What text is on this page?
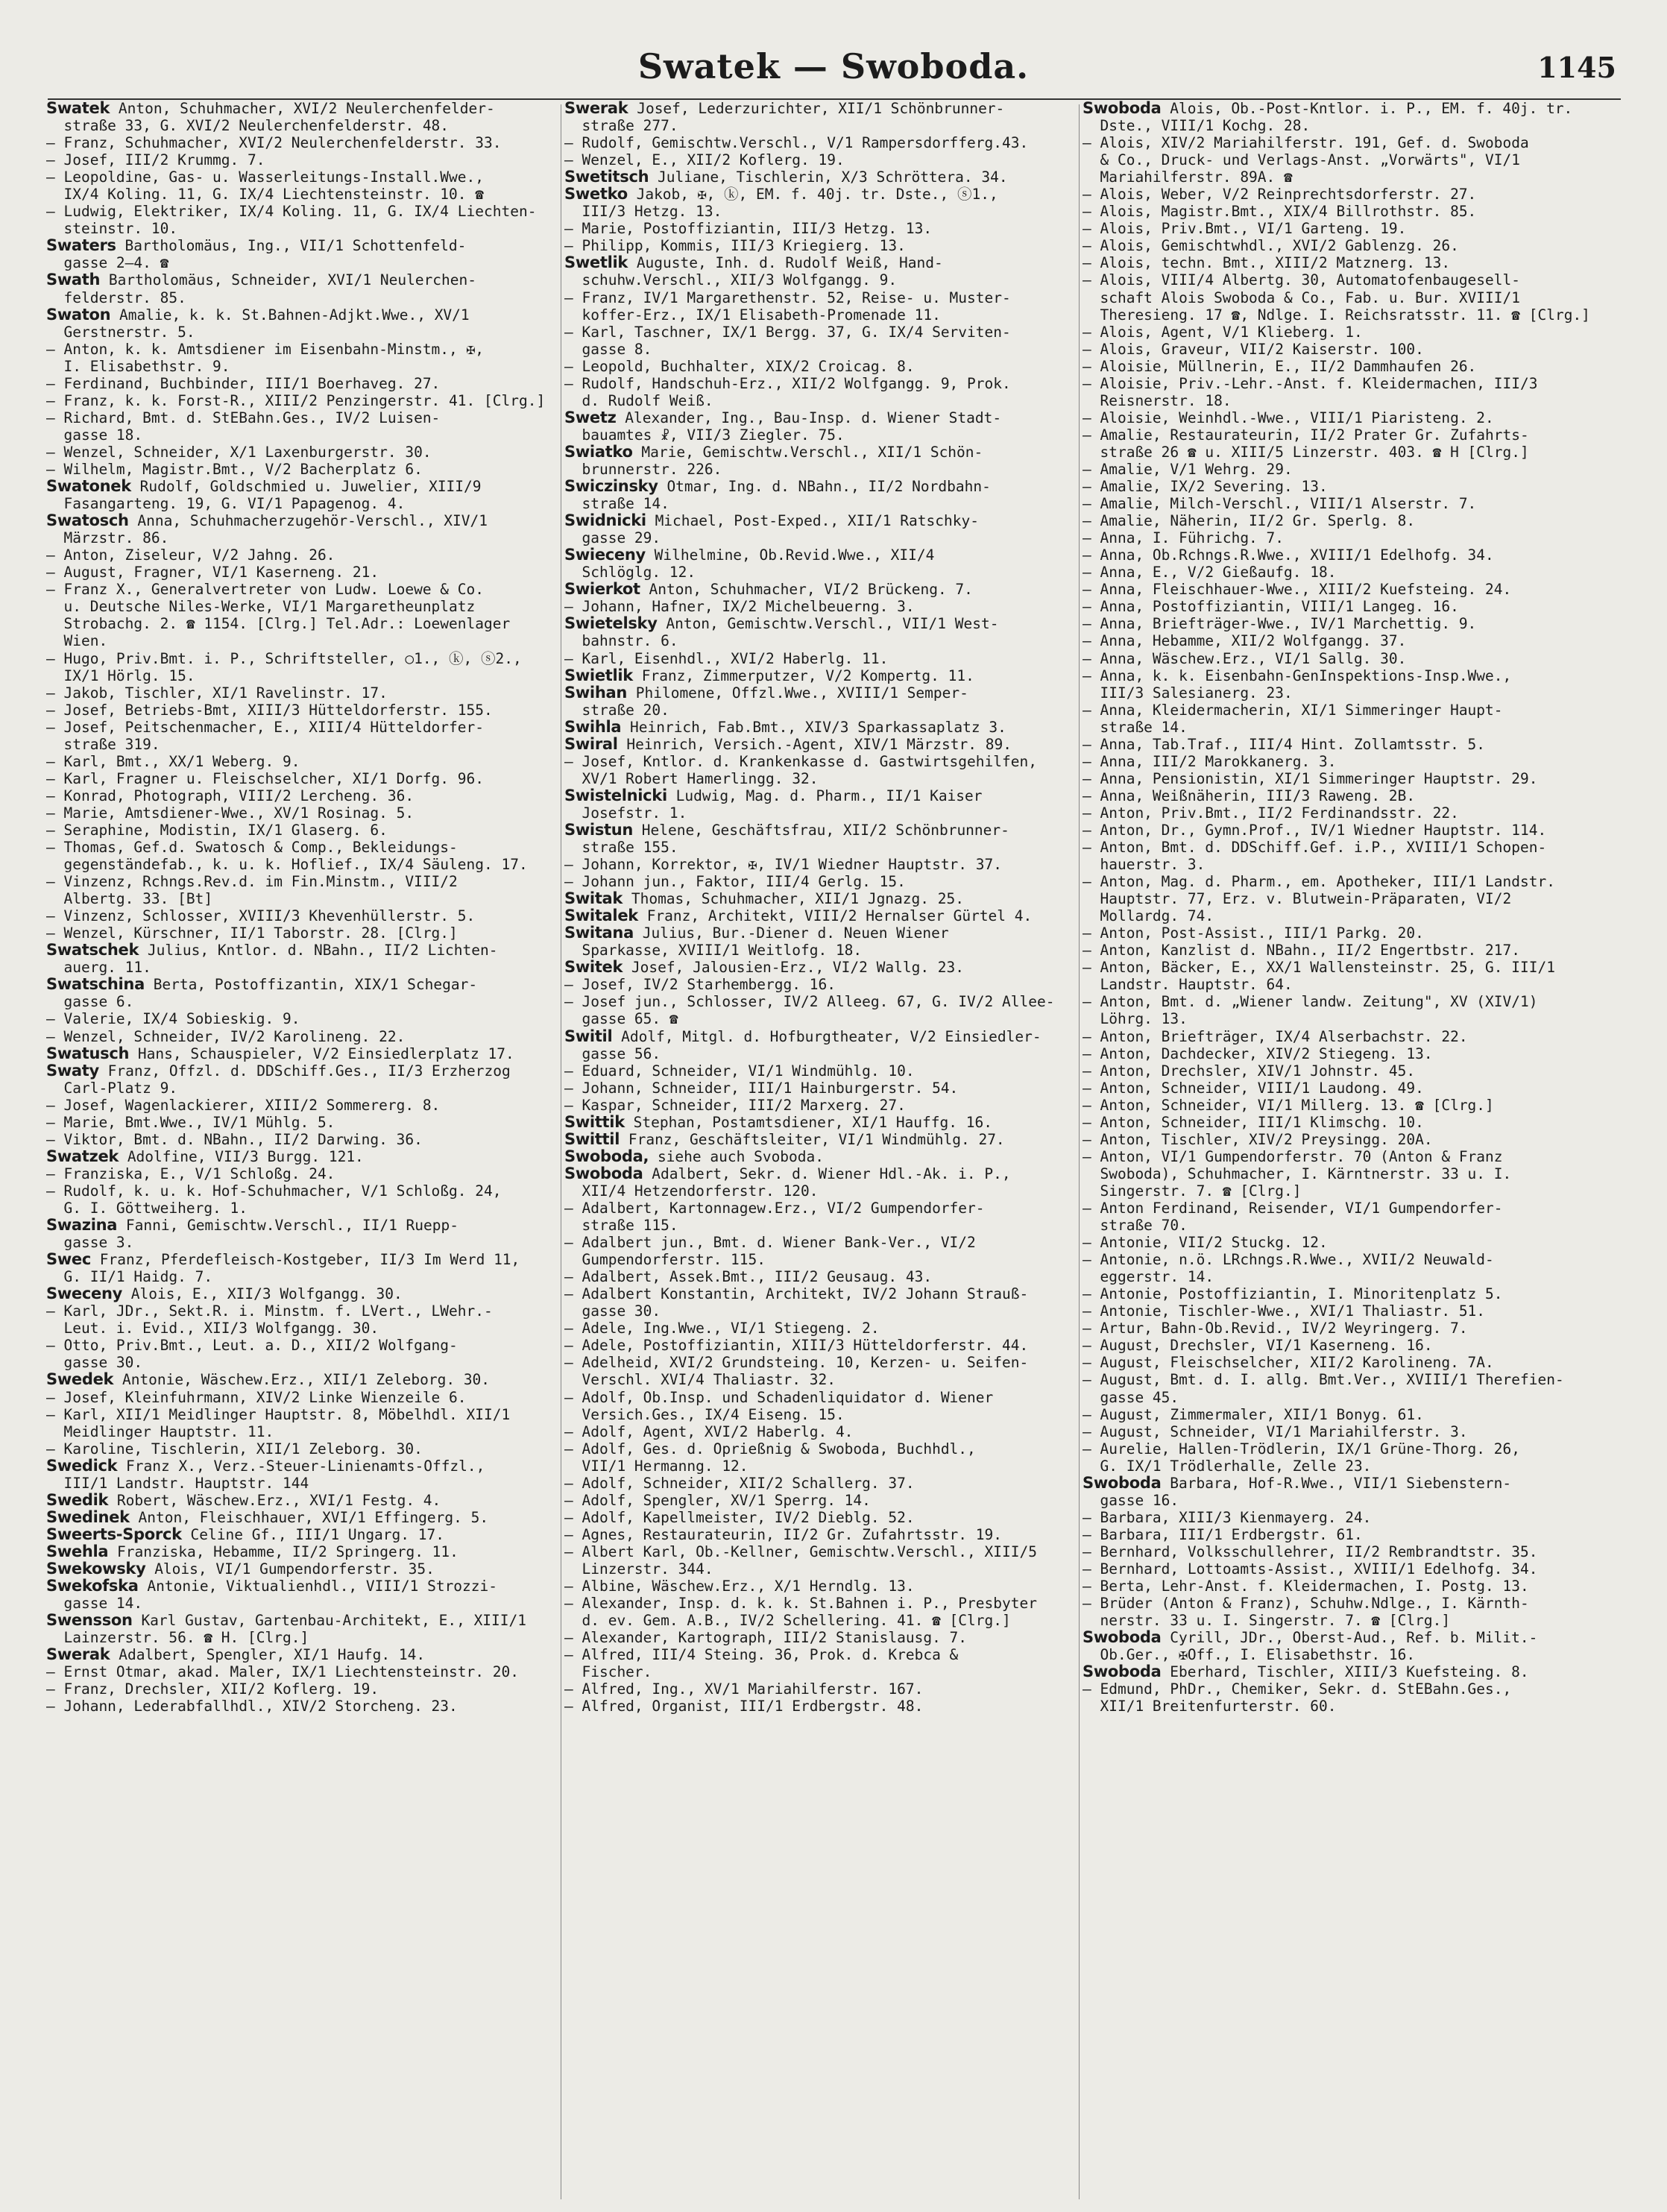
Swatek — Swoboda.	1145
Swatek Anton, Schuhmacher, XVI/2 Neulerchenfelder-
straße 33, G. XVI/2 Neulerchenfelderstr. 48.
— Franz, Schuhmacher, XVI/2 Neulerchenfelderstr. 33.
— Josef, III/2 Krummg. 7.
— Leopoldine, Gas- u. Wasserleitungs-Install.Wwe.,
IX/4 Koling. 11, G. IX/4 Liechtensteinstr. 10. ☎
— Ludwig, Elektriker, IX/4 Koling. 11, G. IX/4 Liechten-
steinstr. 10.
Swaters Bartholomäus, Ing., VII/1 Schottenfeld-
gasse 2—4. ☎
Swath Bartholomäus, Schneider, XVI/1 Neulerchen-
felderstr. 85.
Swaton Amalie, k. k. St.Bahnen-Adjkt.Wwe., XV/1
Gerstnerstr. 5.
— Anton, k. k. Amtsdiener im Eisenbahn-Minstm., ✠,
I. Elisabethstr. 9.
— Ferdinand, Buchbinder, III/1 Boerhaveg. 27.
— Franz, k. k. Forst-R., XIII/2 Penzingerstr. 41. [Clrg.]
— Richard, Bmt. d. StEBahn.Ges., IV/2 Luisen-
gasse 18.
— Wenzel, Schneider, X/1 Laxenburgerstr. 30.
— Wilhelm, Magistr.Bmt., V/2 Bacherplatz 6.
Swatonek Rudolf, Goldschmied u. Juwelier, XIII/9
Fasangarteng. 19, G. VI/1 Papagenog. 4.
Swatosch Anna, Schuhmacherzugehör-Verschl., XIV/1
Märzstr. 86.
— Anton, Ziseleur, V/2 Jahng. 26.
— August, Fragner, VI/1 Kaserneng. 21.
— Franz X., Generalvertreter von Ludw. Loewe & Co.
u. Deutsche Niles-Werke, VI/1 Margaretheunplatz
Strobachg. 2. ☎ 1154. [Clrg.] Tel.Adr.: Loewenlager
Wien.
— Hugo, Priv.Bmt. i. P., Schriftsteller, ○1., ⓚ, ⓢ2.,
IX/1 Hörlg. 15.
— Jakob, Tischler, XI/1 Ravelinstr. 17.
— Josef, Betriebs-Bmt, XIII/3 Hütteldorferstr. 155.
— Josef, Peitschenmacher, E., XIII/4 Hütteldorfer-
straße 319.
— Karl, Bmt., XX/1 Weberg. 9.
— Karl, Fragner u. Fleischselcher, XI/1 Dorfg. 96.
— Konrad, Photograph, VIII/2 Lercheng. 36.
— Marie, Amtsdiener-Wwe., XV/1 Rosinag. 5.
— Seraphine, Modistin, IX/1 Glaserg. 6.
— Thomas, Gef.d. Swatosch & Comp., Bekleidungs-
gegenständefab., k. u. k. Hoflief., IX/4 Säuleng. 17.
— Vinzenz, Rchngs.Rev.d. im Fin.Minstm., VIII/2
Albertg. 33. [Bt]
— Vinzenz, Schlosser, XVIII/3 Khevenhüllerstr. 5.
— Wenzel, Kürschner, II/1 Taborstr. 28. [Clrg.]
Swatschek Julius, Kntlor. d. NBahn., II/2 Lichten-
auerg. 11.
Swatschina Berta, Postoffizantin, XIX/1 Schegar-
gasse 6.
— Valerie, IX/4 Sobieskig. 9.
— Wenzel, Schneider, IV/2 Karolineng. 22.
Swatusch Hans, Schauspieler, V/2 Einsiedlerplatz 17.
Swaty Franz, Offzl. d. DDSchiff.Ges., II/3 Erzherzog
Carl-Platz 9.
— Josef, Wagenlackierer, XIII/2 Sommererg. 8.
— Marie, Bmt.Wwe., IV/1 Mühlg. 5.
— Viktor, Bmt. d. NBahn., II/2 Darwing. 36.
Swatzek Adolfine, VII/3 Burgg. 121.
— Franziska, E., V/1 Schloßg. 24.
— Rudolf, k. u. k. Hof-Schuhmacher, V/1 Schloßg. 24,
G. I. Göttweiherg. 1.
Swazina Fanni, Gemischtw.Verschl., II/1 Ruepp-
gasse 3.
Swec Franz, Pferdefleisch-Kostgeber, II/3 Im Werd 11,
G. II/1 Haidg. 7.
Sweceny Alois, E., XII/3 Wolfgangg. 30.
— Karl, JDr., Sekt.R. i. Minstm. f. LVert., LWehr.-
Leut. i. Evid., XII/3 Wolfgangg. 30.
— Otto, Priv.Bmt., Leut. a. D., XII/2 Wolfgang-
gasse 30.
Swedek Antonie, Wäschew.Erz., XII/1 Zeleborg. 30.
— Josef, Kleinfuhrmann, XIV/2 Linke Wienzeile 6.
— Karl, XII/1 Meidlinger Hauptstr. 8, Möbelhdl. XII/1
Meidlinger Hauptstr. 11.
— Karoline, Tischlerin, XII/1 Zeleborg. 30.
Swedick Franz X., Verz.-Steuer-Linienamts-Offzl.,
III/1 Landstr. Hauptstr. 144
Swedik Robert, Wäschew.Erz., XVI/1 Festg. 4.
Swedinek Anton, Fleischhauer, XVI/1 Effingerg. 5.
Sweerts-Sporck Celine Gf., III/1 Ungarg. 17.
Swehla Franziska, Hebamme, II/2 Springerg. 11.
Swekowsky Alois, VI/1 Gumpendorferstr. 35.
Swekofska Antonie, Viktualienhdl., VIII/1 Strozzi-
gasse 14.
Swensson Karl Gustav, Gartenbau-Architekt, E., XIII/1
Lainzerstr. 56. ☎ H. [Clrg.]
Swerak Adalbert, Spengler, XI/1 Haufg. 14.
— Ernst Otmar, akad. Maler, IX/1 Liechtensteinstr. 20.
— Franz, Drechsler, XII/2 Koflerg. 19.
— Johann, Lederabfallhdl., XIV/2 Storcheng. 23.
Swerak Josef, Lederzurichter, XII/1 Schönbrunner-
straße 277.
— Rudolf, Gemischtw.Verschl., V/1 Rampersdorfferg.43.
— Wenzel, E., XII/2 Koflerg. 19.
Swetitsch Juliane, Tischlerin, X/3 Schröttera. 34.
Swetko Jakob, ✠, ⓚ, EM. f. 40j. tr. Dste., ⓢ1.,
III/3 Hetzg. 13.
— Marie, Postoffiziantin, III/3 Hetzg. 13.
— Philipp, Kommis, III/3 Kriegierg. 13.
Swetlik Auguste, Inh. d. Rudolf Weiß, Hand-
schuhw.Verschl., XII/3 Wolfgangg. 9.
— Franz, IV/1 Margarethenstr. 52, Reise- u. Muster-
koffer-Erz., IX/1 Elisabeth-Promenade 11.
— Karl, Taschner, IX/1 Bergg. 37, G. IX/4 Serviten-
gasse 8.
— Leopold, Buchhalter, XIX/2 Croicag. 8.
— Rudolf, Handschuh-Erz., XII/2 Wolfgangg. 9, Prok.
d. Rudolf Weiß.
Swetz Alexander, Ing., Bau-Insp. d. Wiener Stadt-
bauamtes ☧, VII/3 Ziegler. 75.
Swiatko Marie, Gemischtw.Verschl., XII/1 Schön-
brunnerstr. 226.
Swiczinsky Otmar, Ing. d. NBahn., II/2 Nordbahn-
straße 14.
Swidnicki Michael, Post-Exped., XII/1 Ratschky-
gasse 29.
Swieceny Wilhelmine, Ob.Revid.Wwe., XII/4
Schlöglg. 12.
Swierkot Anton, Schuhmacher, VI/2 Brückeng. 7.
— Johann, Hafner, IX/2 Michelbeuerng. 3.
Swietelsky Anton, Gemischtw.Verschl., VII/1 West-
bahnstr. 6.
— Karl, Eisenhdl., XVI/2 Haberlg. 11.
Swietlik Franz, Zimmerputzer, V/2 Kompertg. 11.
Swihan Philomene, Offzl.Wwe., XVIII/1 Semper-
straße 20.
Swihla Heinrich, Fab.Bmt., XIV/3 Sparkassaplatz 3.
Swiral Heinrich, Versich.-Agent, XIV/1 Märzstr. 89.
— Josef, Kntlor. d. Krankenkasse d. Gastwirtsgehilfen,
XV/1 Robert Hamerlingg. 32.
Swistelnicki Ludwig, Mag. d. Pharm., II/1 Kaiser
Josefstr. 1.
Swistun Helene, Geschäftsfrau, XII/2 Schönbrunner-
straße 155.
— Johann, Korrektor, ✠, IV/1 Wiedner Hauptstr. 37.
— Johann jun., Faktor, III/4 Gerlg. 15.
Switak Thomas, Schuhmacher, XII/1 Jgnazg. 25.
Switalek Franz, Architekt, VIII/2 Hernalser Gürtel 4.
Switana Julius, Bur.-Diener d. Neuen Wiener
Sparkasse, XVIII/1 Weitlofg. 18.
Switek Josef, Jalousien-Erz., VI/2 Wallg. 23.
— Josef, IV/2 Starhembergg. 16.
— Josef jun., Schlosser, IV/2 Alleeg. 67, G. IV/2 Allee-
gasse 65. ☎
Switil Adolf, Mitgl. d. Hofburgtheater, V/2 Einsiedler-
gasse 56.
— Eduard, Schneider, VI/1 Windmühlg. 10.
— Johann, Schneider, III/1 Hainburgerstr. 54.
— Kaspar, Schneider, III/2 Marxerg. 27.
Swittik Stephan, Postamtsdiener, XI/1 Hauffg. 16.
Swittil Franz, Geschäftsleiter, VI/1 Windmühlg. 27.
Swoboda, siehe auch Svoboda.
Swoboda Adalbert, Sekr. d. Wiener Hdl.-Ak. i. P.,
XII/4 Hetzendorferstr. 120.
— Adalbert, Kartonnagew.Erz., VI/2 Gumpendorfer-
straße 115.
— Adalbert jun., Bmt. d. Wiener Bank-Ver., VI/2
Gumpendorferstr. 115.
— Adalbert, Assek.Bmt., III/2 Geusaug. 43.
— Adalbert Konstantin, Architekt, IV/2 Johann Strauß-
gasse 30.
— Adele, Ing.Wwe., VI/1 Stiegeng. 2.
— Adele, Postoffiziantin, XIII/3 Hütteldorferstr. 44.
— Adelheid, XVI/2 Grundsteing. 10, Kerzen- u. Seifen-
Verschl. XVI/4 Thaliastr. 32.
— Adolf, Ob.Insp. und Schadenliquidator d. Wiener
Versich.Ges., IX/4 Eiseng. 15.
— Adolf, Agent, XVI/2 Haberlg. 4.
— Adolf, Ges. d. Oprießnig & Swoboda, Buchhdl.,
VII/1 Hermanng. 12.
— Adolf, Schneider, XII/2 Schallerg. 37.
— Adolf, Spengler, XV/1 Sperrg. 14.
— Adolf, Kapellmeister, IV/2 Dieblg. 52.
— Agnes, Restaurateurin, II/2 Gr. Zufahrtsstr. 19.
— Albert Karl, Ob.-Kellner, Gemischtw.Verschl., XIII/5
Linzerstr. 344.
— Albine, Wäschew.Erz., X/1 Herndlg. 13.
— Alexander, Insp. d. k. k. St.Bahnen i. P., Presbyter
d. ev. Gem. A.B., IV/2 Schellering. 41. ☎ [Clrg.]
— Alexander, Kartograph, III/2 Stanislausg. 7.
— Alfred, III/4 Steing. 36, Prok. d. Krebca &
Fischer.
— Alfred, Ing., XV/1 Mariahilferstr. 167.
— Alfred, Organist, III/1 Erdbergstr. 48.
Swoboda Alois, Ob.-Post-Kntlor. i. P., EM. f. 40j. tr.
Dste., VIII/1 Kochg. 28.
— Alois, XIV/2 Mariahilferstr. 191, Gef. d. Swoboda
& Co., Druck- und Verlags-Anst. „Vorwärts", VI/1
Mariahilferstr. 89A. ☎
— Alois, Weber, V/2 Reinprechtsdorferstr. 27.
— Alois, Magistr.Bmt., XIX/4 Billrothstr. 85.
— Alois, Priv.Bmt., VI/1 Garteng. 19.
— Alois, Gemischtwhdl., XVI/2 Gablenzg. 26.
— Alois, techn. Bmt., XIII/2 Matznerg. 13.
— Alois, VIII/4 Albertg. 30, Automatofenbaugesell-
schaft Alois Swoboda & Co., Fab. u. Bur. XVIII/1
Theresieng. 17 ☎, Ndlge. I. Reichsratsstr. 11. ☎ [Clrg.]
— Alois, Agent, V/1 Klieberg. 1.
— Alois, Graveur, VII/2 Kaiserstr. 100.
— Aloisie, Müllnerin, E., II/2 Dammhaufen 26.
— Aloisie, Priv.-Lehr.-Anst. f. Kleidermachen, III/3
Reisnerstr. 18.
— Aloisie, Weinhdl.-Wwe., VIII/1 Piaristeng. 2.
— Amalie, Restaurateurin, II/2 Prater Gr. Zufahrts-
straße 26 ☎ u. XIII/5 Linzerstr. 403. ☎ H [Clrg.]
— Amalie, V/1 Wehrg. 29.
— Amalie, IX/2 Severing. 13.
— Amalie, Milch-Verschl., VIII/1 Alserstr. 7.
— Amalie, Näherin, II/2 Gr. Sperlg. 8.
— Anna, I. Führichg. 7.
— Anna, Ob.Rchngs.R.Wwe., XVIII/1 Edelhofg. 34.
— Anna, E., V/2 Gießaufg. 18.
— Anna, Fleischhauer-Wwe., XIII/2 Kuefsteing. 24.
— Anna, Postoffiziantin, VIII/1 Langeg. 16.
— Anna, Briefträger-Wwe., IV/1 Marchettig. 9.
— Anna, Hebamme, XII/2 Wolfgangg. 37.
— Anna, Wäschew.Erz., VI/1 Sallg. 30.
— Anna, k. k. Eisenbahn-GenInspektions-Insp.Wwe.,
III/3 Salesianerg. 23.
— Anna, Kleidermacherin, XI/1 Simmeringer Haupt-
straße 14.
— Anna, Tab.Traf., III/4 Hint. Zollamtsstr. 5.
— Anna, III/2 Marokkanerg. 3.
— Anna, Pensionistin, XI/1 Simmeringer Hauptstr. 29.
— Anna, Weißnäherin, III/3 Raweng. 2B.
— Anton, Priv.Bmt., II/2 Ferdinandsstr. 22.
— Anton, Dr., Gymn.Prof., IV/1 Wiedner Hauptstr. 114.
— Anton, Bmt. d. DDSchiff.Gef. i.P., XVIII/1 Schopen-
hauerstr. 3.
— Anton, Mag. d. Pharm., em. Apotheker, III/1 Landstr.
Hauptstr. 77, Erz. v. Blutwein-Präparaten, VI/2
Mollardg. 74.
— Anton, Post-Assist., III/1 Parkg. 20.
— Anton, Kanzlist d. NBahn., II/2 Engertbstr. 217.
— Anton, Bäcker, E., XX/1 Wallensteinstr. 25, G. III/1
Landstr. Hauptstr. 64.
— Anton, Bmt. d. „Wiener landw. Zeitung", XV (XIV/1)
Löhrg. 13.
— Anton, Briefträger, IX/4 Alserbachstr. 22.
— Anton, Dachdecker, XIV/2 Stiegeng. 13.
— Anton, Drechsler, XIV/1 Johnstr. 45.
— Anton, Schneider, VIII/1 Laudong. 49.
— Anton, Schneider, VI/1 Millerg. 13. ☎ [Clrg.]
— Anton, Schneider, III/1 Klimschg. 10.
— Anton, Tischler, XIV/2 Preysingg. 20A.
— Anton, VI/1 Gumpendorferstr. 70 (Anton & Franz
Swoboda), Schuhmacher, I. Kärntnerstr. 33 u. I.
Singerstr. 7. ☎ [Clrg.]
— Anton Ferdinand, Reisender, VI/1 Gumpendorfer-
straße 70.
— Antonie, VII/2 Stuckg. 12.
— Antonie, n.ö. LRchngs.R.Wwe., XVII/2 Neuwald-
eggerstr. 14.
— Antonie, Postoffiziantin, I. Minoritenplatz 5.
— Antonie, Tischler-Wwe., XVI/1 Thaliastr. 51.
— Artur, Bahn-Ob.Revid., IV/2 Weyringerg. 7.
— August, Drechsler, VI/1 Kaserneng. 16.
— August, Fleischselcher, XII/2 Karolineng. 7A.
— August, Bmt. d. I. allg. Bmt.Ver., XVIII/1 Therefien-
gasse 45.
— August, Zimmermaler, XII/1 Bonyg. 61.
— August, Schneider, VI/1 Mariahilferstr. 3.
— Aurelie, Hallen-Trödlerin, IX/1 Grüne-Thorg. 26,
G. IX/1 Trödlerhalle, Zelle 23.
Swoboda Barbara, Hof-R.Wwe., VII/1 Siebenstern-
gasse 16.
— Barbara, XIII/3 Kienmayerg. 24.
— Barbara, III/1 Erdbergstr. 61.
— Bernhard, Volksschullehrer, II/2 Rembrandtstr. 35.
— Bernhard, Lottoamts-Assist., XVIII/1 Edelhofg. 34.
— Berta, Lehr-Anst. f. Kleidermachen, I. Postg. 13.
— Brüder (Anton & Franz), Schuhw.Ndlge., I. Kärnth-
nerstr. 33 u. I. Singerstr. 7. ☎ [Clrg.]
Swoboda Cyrill, JDr., Oberst-Aud., Ref. b. Milit.-
Ob.Ger., ✠Off., I. Elisabethstr. 16.
Swoboda Eberhard, Tischler, XIII/3 Kuefsteing. 8.
— Edmund, PhDr., Chemiker, Sekr. d. StEBahn.Ges.,
XII/1 Breitenfurterstr. 60.
